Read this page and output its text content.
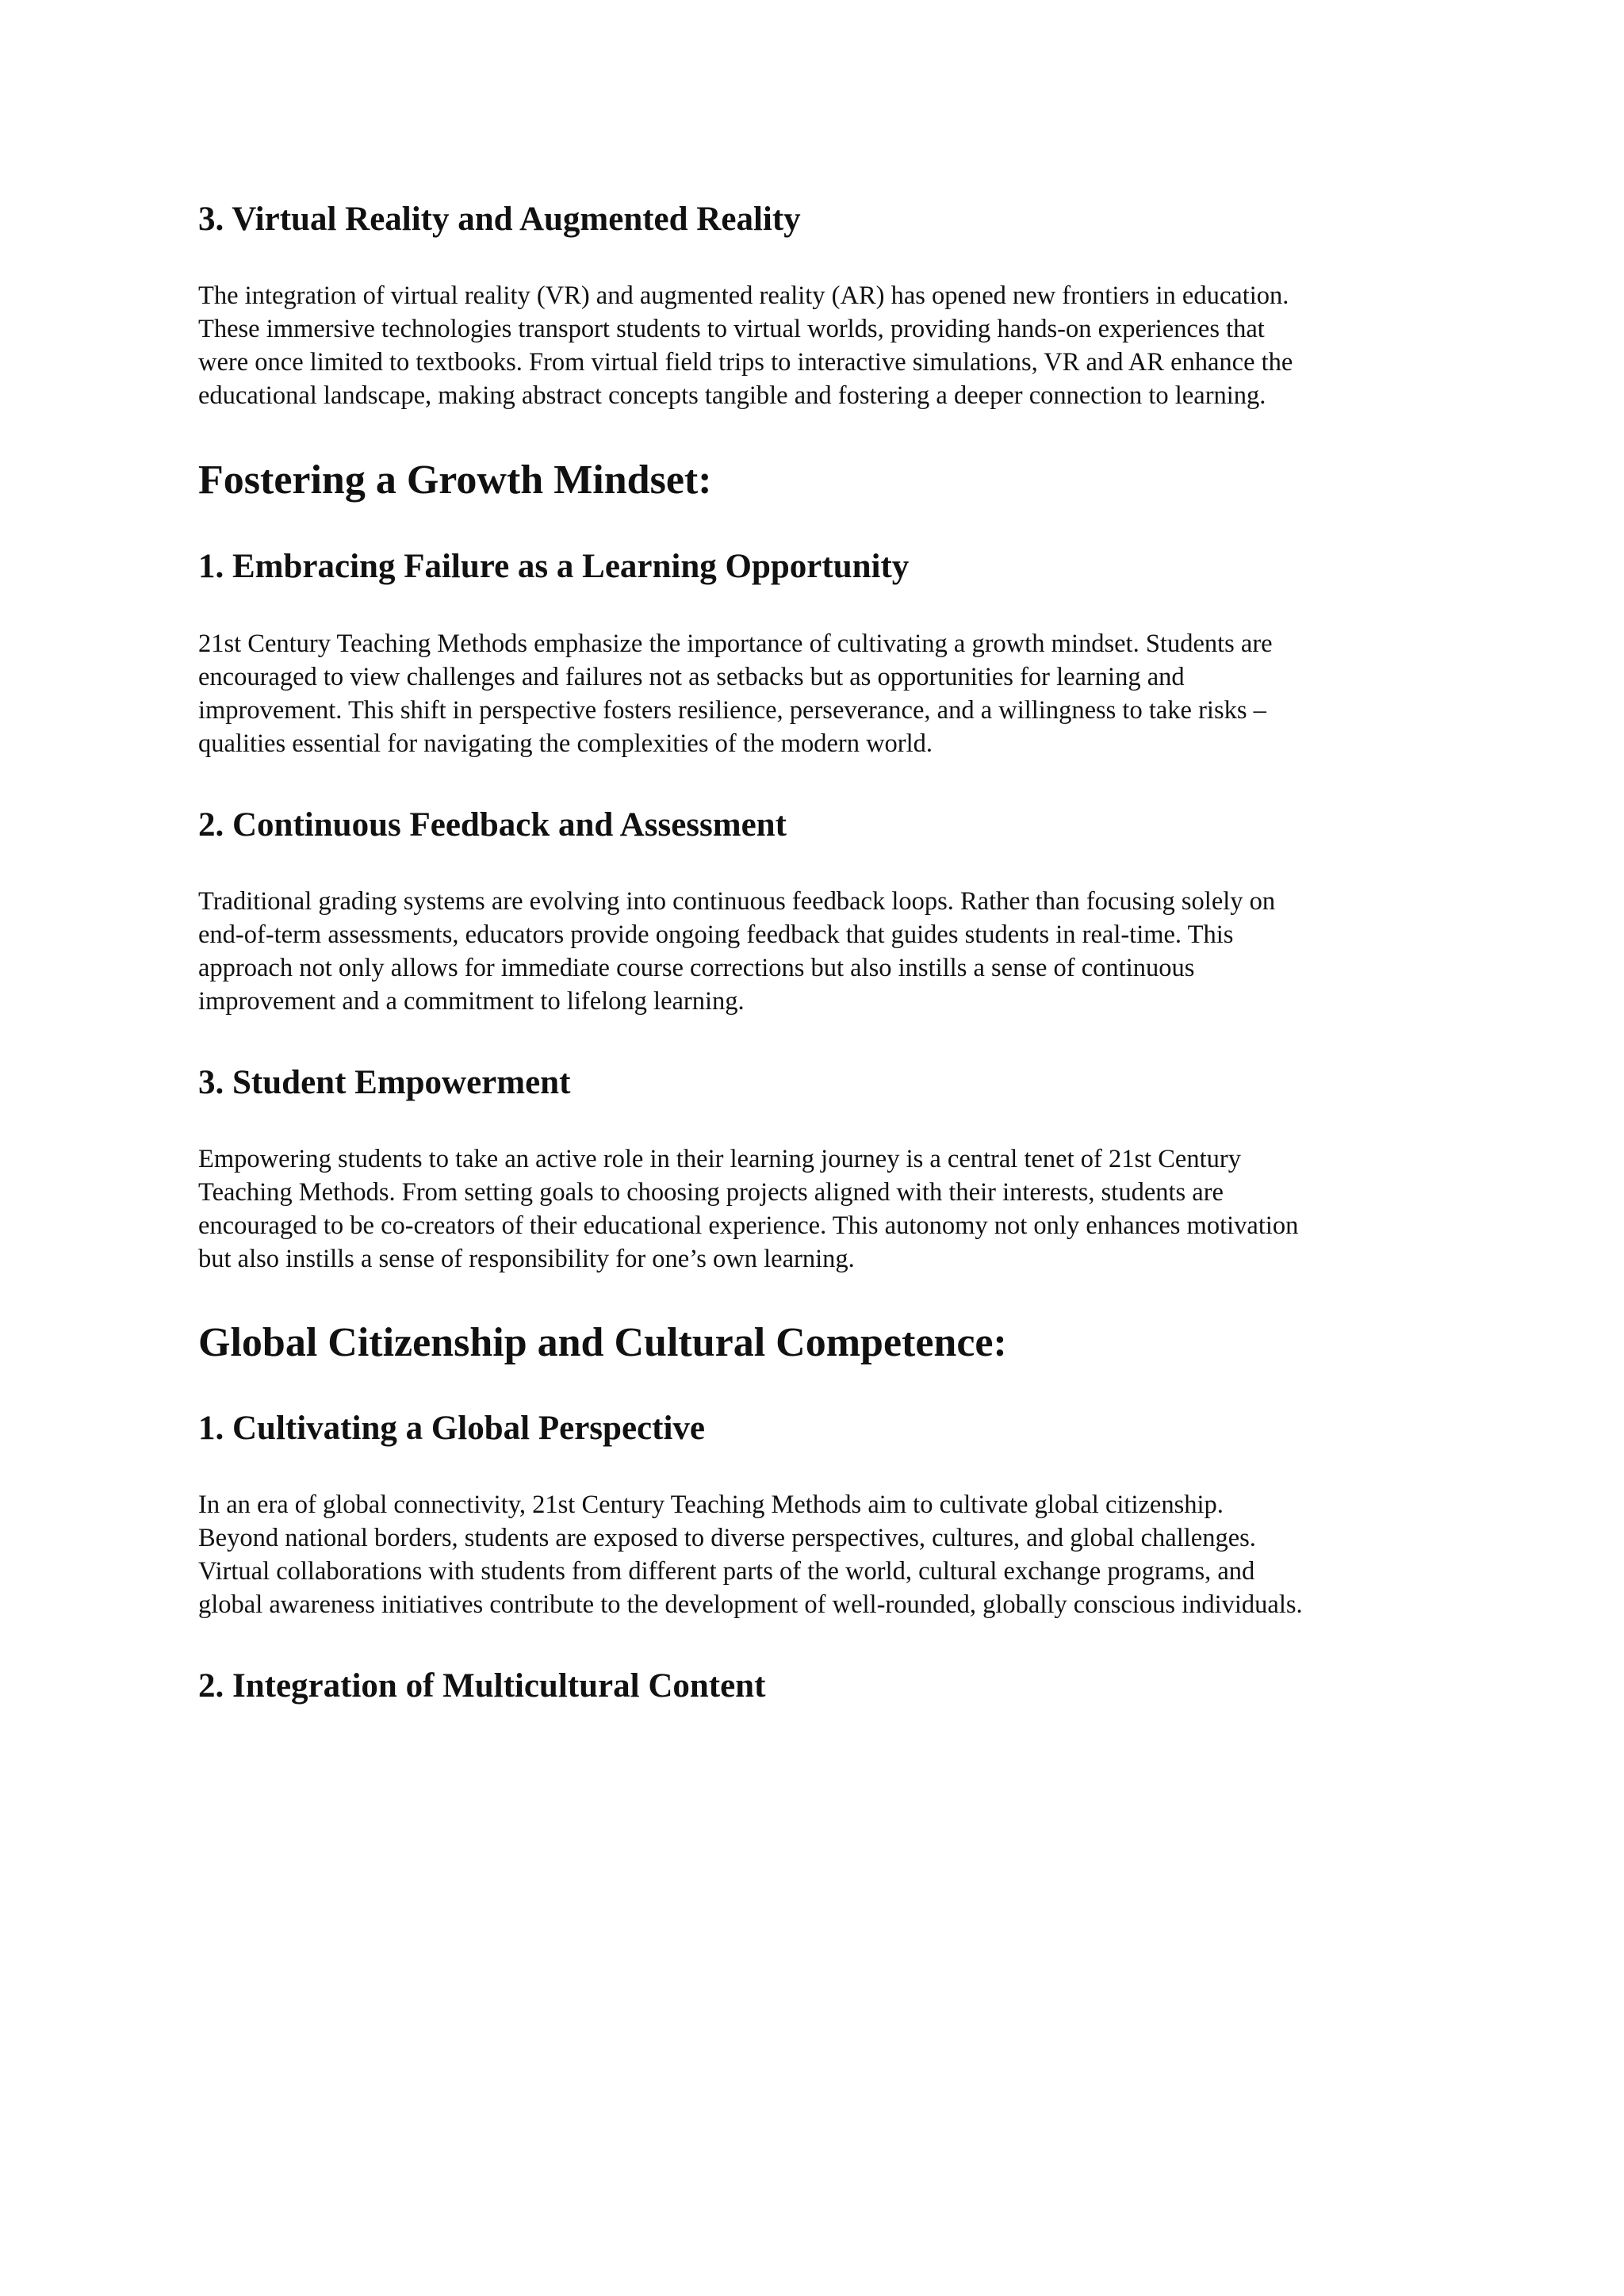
3. Virtual Reality and Augmented Reality
The integration of virtual reality (VR) and augmented reality (AR) has opened new frontiers in education.
These immersive technologies transport students to virtual worlds, providing hands-on experiences that
were once limited to textbooks. From virtual field trips to interactive simulations, VR and AR enhance the
educational landscape, making abstract concepts tangible and fostering a deeper connection to learning.
Fostering a Growth Mindset:
1. Embracing Failure as a Learning Opportunity
21st Century Teaching Methods emphasize the importance of cultivating a growth mindset. Students are
encouraged to view challenges and failures not as setbacks but as opportunities for learning and
improvement. This shift in perspective fosters resilience, perseverance, and a willingness to take risks –
qualities essential for navigating the complexities of the modern world.
2. Continuous Feedback and Assessment
Traditional grading systems are evolving into continuous feedback loops. Rather than focusing solely on
end-of-term assessments, educators provide ongoing feedback that guides students in real-time. This
approach not only allows for immediate course corrections but also instills a sense of continuous
improvement and a commitment to lifelong learning.
3. Student Empowerment
Empowering students to take an active role in their learning journey is a central tenet of 21st Century
Teaching Methods. From setting goals to choosing projects aligned with their interests, students are
encouraged to be co-creators of their educational experience. This autonomy not only enhances motivation
but also instills a sense of responsibility for one’s own learning.
Global Citizenship and Cultural Competence:
1. Cultivating a Global Perspective
In an era of global connectivity, 21st Century Teaching Methods aim to cultivate global citizenship.
Beyond national borders, students are exposed to diverse perspectives, cultures, and global challenges.
Virtual collaborations with students from different parts of the world, cultural exchange programs, and
global awareness initiatives contribute to the development of well-rounded, globally conscious individuals.
2. Integration of Multicultural Content
